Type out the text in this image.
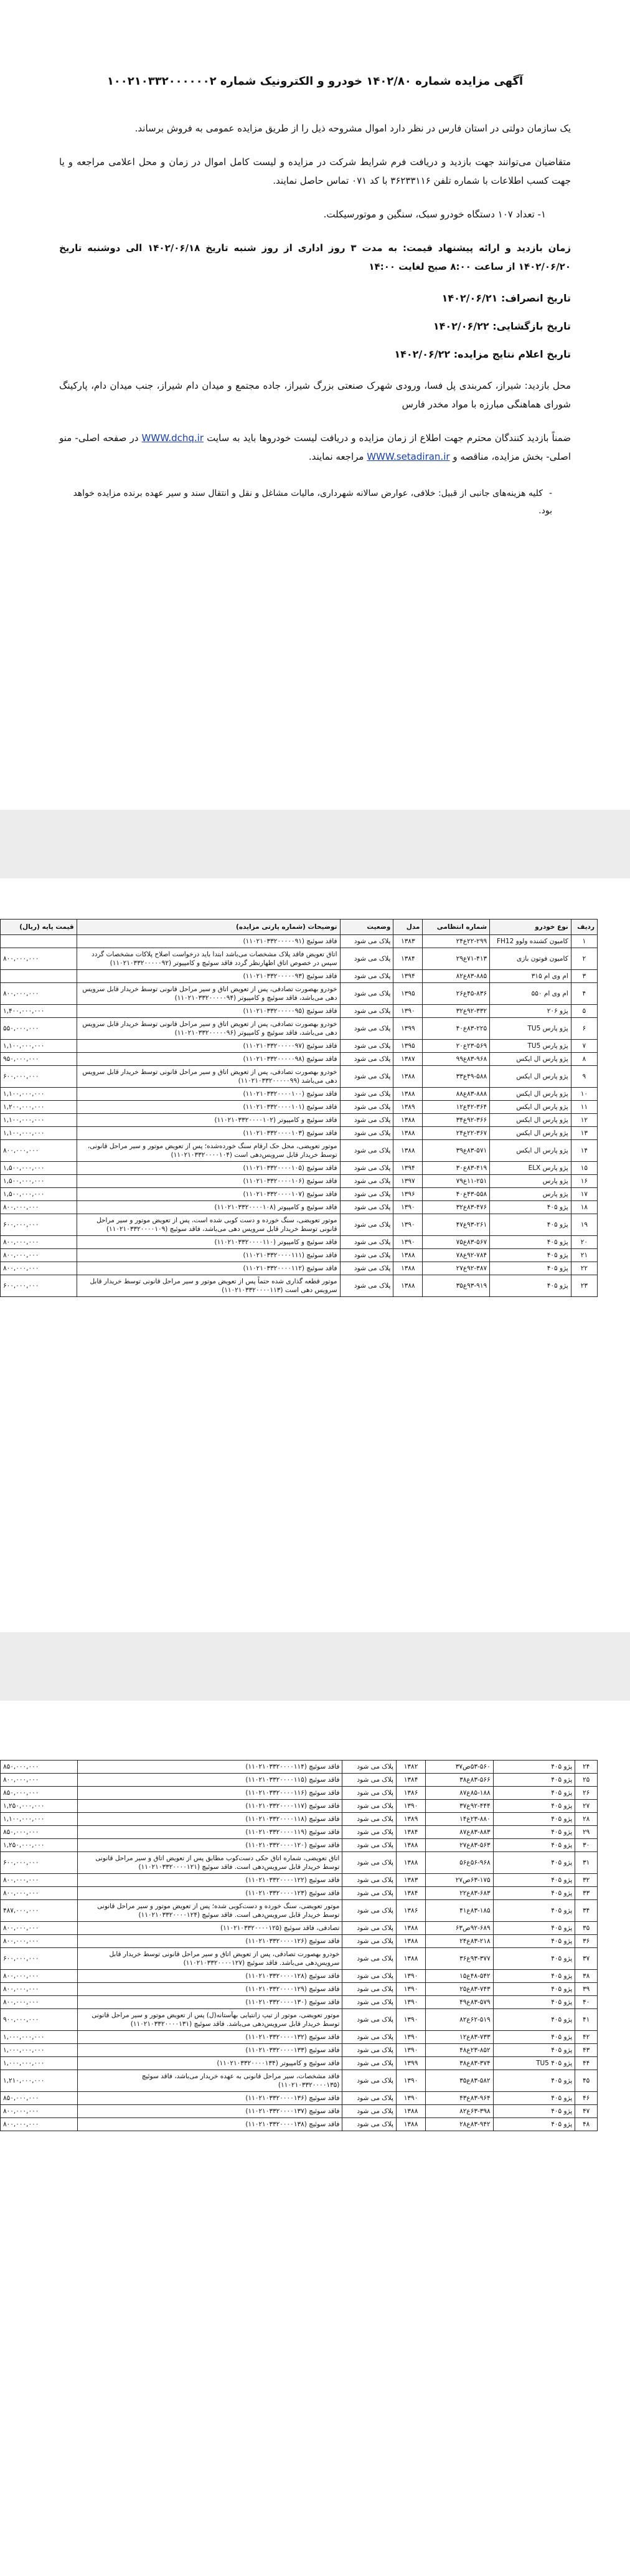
آگهی مزایده شماره ۱۴۰۲/۸۰ خودرو و الکترونیک شماره ۱۰۰۲۱۰۳۳۲۰۰۰۰۰۰۲

یک سازمان دولتی در استان فارس در نظر دارد اموال مشروحه ذیل را از طریق مزایده عمومی به فروش برساند.

متقاضیان می‌توانند جهت بازدید و دریافت فرم شرایط شرکت در مزایده و لیست کامل اموال در زمان و محل اعلامی مراجعه و یا جهت کسب اطلاعات با شماره تلفن ۳۶۲۳۳۱۱۶ با کد ۰۷۱ تماس حاصل نمایند.

۱- تعداد ۱۰۷ دستگاه خودرو سبک، سنگین و موتورسیکلت.

زمان بازدید و ارائه پیشنهاد قیمت: به مدت ۳ روز اداری از روز شنبه تاریخ ۱۴۰۲/۰۶/۱۸ الی دوشنبه تاریخ ۱۴۰۲/۰۶/۲۰ از ساعت ۸:۰۰ صبح لغایت ۱۴:۰۰

تاریخ انصراف: ۱۴۰۲/۰۶/۲۱

تاریخ بازگشایی: ۱۴۰۲/۰۶/۲۲

تاریخ اعلام نتایج مزایده: ۱۴۰۲/۰۶/۲۲

محل بازدید: شیراز، کمربندی پل فسا، ورودی شهرک صنعتی بزرگ شیراز، جاده مجتمع و میدان دام شیراز، جنب میدان دام، پارکینگ شورای هماهنگی مبارزه با مواد مخدر فارس

ضمناً بازدید کنندگان محترم جهت اطلاع از زمان مزایده و دریافت لیست خودروها باید به سایت WWW.dchq.ir در صفحه اصلی- منو اصلی- بخش مزایده، مناقصه و WWW.setadiran.ir مراجعه نمایند.

-کلیه هزینه‌های جانبی از قبیل: خلافی، عوارض سالانه شهرداری، مالیات مشاغل و نقل و انتقال سند و سیر عهده برنده مزایده خواهد بود.

ردیف	نوع خودرو	شماره انتظامی	مدل	وضعیت	توضیحات (شماره پارتی مزایده)	قیمت پایه (ریال)
۱	کامیون کشنده ولوو FH12	۲۲-۲۹۹ع۲۴	۱۳۸۳	پلاک می شود	فاقد سوئیچ (۱۱۰۲۱۰۳۳۲۰۰۰۰۰۹۱)	
۲	کامیون فوتون بازی	۷۱-۴۱۳ع۲۹	۱۳۸۴	پلاک می شود	اتاق تعویض فاقد پلاک مشخصات می‌باشد ابتدا باید درخواست اصلاح پلاکات مشخصات گردد سپس در خصوص اتاق اظهارنظر گردد فاقد سوئیچ و کامپیوتر (۱۱۰۲۱۰۳۳۲۰۰۰۰۰۹۲)	۸۰۰,۰۰۰,۰۰۰
۳	ام وی ام ۳۱۵	۸۳-۸۸۵ع۸۲	۱۳۹۴	پلاک می شود	فاقد سوئیچ (۱۱۰۲۱۰۳۳۲۰۰۰۰۰۹۳)	
۴	ام وی ام ۵۵۰	۴۵-۸۳۶ع۲۶	۱۳۹۵	پلاک می شود	خودرو بهصورت تصادفی، پس از تعویض اتاق و سیر مراحل قانونی توسط خریدار قابل سرویس دهی می‌باشد، فاقد سوئیچ و کامپیوتر (۱۱۰۲۱۰۳۳۲۰۰۰۰۰۹۴)	۸۰۰,۰۰۰,۰۰۰
۵	پژو ۲۰۶	۹۲-۳۳۲ع۳۲	۱۳۹۰	پلاک می شود	فاقد سوئیچ (۱۱۰۲۱۰۳۳۲۰۰۰۰۰۹۵)	۱,۴۰۰,۰۰۰,۰۰۰
۶	پژو پارس TU5	۸۳-۲۲۵ع۴۰	۱۳۹۹	پلاک می شود	خودرو بهصورت تصادفی، پس از تعویض اتاق و سیر مراحل قانونی توسط خریدار قابل سرویس دهی می‌باشد، فاقد سوئیچ و کامپیوتر (۱۱۰۲۱۰۳۳۲۰۰۰۰۰۹۶)	۵۵۰,۰۰۰,۰۰۰
۷	پژو پارس TU5	۲۳-۵۶۹ع۲۰	۱۳۹۵	پلاک می شود	فاقد سوئیچ (۱۱۰۲۱۰۳۳۲۰۰۰۰۰۹۷)	۱,۱۰۰,۰۰۰,۰۰۰
۸	پژو پارس ال ایکس	۸۳-۹۶۸ع۹۹	۱۳۸۷	پلاک می شود	فاقد سوئیچ (۱۱۰۲۱۰۳۳۲۰۰۰۰۰۹۸)	۹۵۰,۰۰۰,۰۰۰
۹	پژو پارس ال ایکس	۴۹-۵۸۸ع۳۳	۱۳۸۸	پلاک می شود	خودرو بهصورت تصادفی، پس از تعویض اتاق و سیر مراحل قانونی توسط خریدار قابل سرویس دهی می‌باشد (۱۱۰۲۱۰۳۳۲۰۰۰۰۰۹۹)	۶۰۰,۰۰۰,۰۰۰
۱۰	پژو پارس ال ایکس	۸۳-۸۸۸ع۸۸	۱۳۸۸	پلاک می شود	فاقد سوئیچ (۱۱۰۲۱۰۳۳۲۰۰۰۰۱۰۰)	۱,۱۰۰,۰۰۰,۰۰۰
۱۱	پژو پارس ال ایکس	۴۲-۳۶۴ع۱۲	۱۳۸۹	پلاک می شود	فاقد سوئیچ (۱۱۰۲۱۰۳۳۲۰۰۰۰۱۰۱)	۱,۲۰۰,۰۰۰,۰۰۰
۱۲	پژو پارس ال ایکس	۹۲-۳۶۶ع۳۴	۱۳۸۸	پلاک می شود	فاقد سوئیچ و کامپیوتر (۱۱۰۲۱۰۳۳۲۰۰۰۰۱۰۲)	۱,۱۰۰,۰۰۰,۰۰۰
۱۳	پژو پارس ال ایکس	۲۲-۳۶۷ع۲۴	۱۳۸۸	پلاک می شود	فاقد سوئیچ (۱۱۰۲۱۰۳۳۲۰۰۰۰۱۰۳)	۱,۱۰۰,۰۰۰,۰۰۰
۱۴	پژو پارس ال ایکس	۸۳-۵۷۱ع۳۹	۱۳۸۸	پلاک می شود	موتور تعویضی، محل حک ارقام سنگ خورده‌شده؛ پس از تعویض موتور و سیر مراحل قانونی، توسط خریدار قابل سرویس‌دهی است (۱۱۰۲۱۰۳۳۲۰۰۰۰۱۰۴)	۸۰۰,۰۰۰,۰۰۰
۱۵	پژو پارس ELX	۸۳-۴۱۹ع۳۰	۱۳۹۴	پلاک می شود	فاقد سوئیچ (۱۱۰۲۱۰۳۳۲۰۰۰۰۱۰۵)	۱,۵۰۰,۰۰۰,۰۰۰
۱۶	پژو پارس	۱۱-۲۵۱ع۷۹	۱۳۹۷	پلاک می شود	فاقد سوئیچ (۱۱۰۲۱۰۳۳۲۰۰۰۰۱۰۶)	۱,۵۰۰,۰۰۰,۰۰۰
۱۷	پژو پارس	۴۳-۵۵۸ع۴۰	۱۳۹۶	پلاک می شود	فاقد سوئیچ (۱۱۰۲۱۰۳۳۲۰۰۰۰۱۰۷)	۱,۵۰۰,۰۰۰,۰۰۰
۱۸	پژو ۴۰۵	۸۳-۴۷۶ع۳۲	۱۳۹۰	پلاک می شود	فاقد سوئیچ و کامپیوتر (۱۱۰۲۱۰۳۳۲۰۰۰۰۱۰۸)	۸۰۰,۰۰۰,۰۰۰
۱۹	پژو ۴۰۵	۹۳-۲۶۱ع۴۷	۱۳۹۰	پلاک می شود	موتور تعویضی، سنگ خورده و دست کوبی شده است، پس از تعویض موتور و سیر مراحل قانونی توسط خریدار قابل سرویس دهی می‌باشد، فاقد سوئیچ (۱۱۰۲۱۰۳۳۲۰۰۰۰۱۰۹)	۶۰۰,۰۰۰,۰۰۰
۲۰	پژو ۴۰۵	۸۳-۵۶۷ع۷۵	۱۳۹۰	پلاک می شود	فاقد سوئیچ و کامپیوتر (۱۱۰۲۱۰۳۳۲۰۰۰۰۱۱۰)	۸۰۰,۰۰۰,۰۰۰
۲۱	پژو ۴۰۵	۹۲-۷۸۴ع۷۸	۱۳۸۸	پلاک می شود	فاقد سوئیچ (۱۱۰۲۱۰۳۳۲۰۰۰۰۱۱۱)	۸۰۰,۰۰۰,۰۰۰
۲۲	پژو ۴۰۵	۹۲-۳۸۷ع۲۷	۱۳۸۸	پلاک می شود	فاقد سوئیچ (۱۱۰۲۱۰۳۳۲۰۰۰۰۱۱۲)	۸۰۰,۰۰۰,۰۰۰
۲۳	پژو ۴۰۵	۹۳-۹۱۹ع۳۵	۱۳۸۸	پلاک می شود	موتور قطعه گذاری شده حتماً پس از تعویض موتور و سیر مراحل قانونی توسط خریدار قابل سرویس دهی است (۱۱۰۲۱۰۳۳۲۰۰۰۰۱۱۳)	۶۰۰,۰۰۰,۰۰۰
۲۴	پژو ۴۰۵	۵۳-۵۶۰ص۳۷	۱۳۸۲	پلاک می شود	فاقد سوئیچ (۱۱۰۲۱۰۳۳۲۰۰۰۰۱۱۴)	۸۵۰,۰۰۰,۰۰۰
۲۵	پژو ۴۰۵	۸۳-۵۶۶ع۳۸	۱۳۸۴	پلاک می شود	فاقد سوئیچ (۱۱۰۲۱۰۳۳۲۰۰۰۰۱۱۵)	۸۰۰,۰۰۰,۰۰۰
۲۶	پژو ۴۰۵	۸۵-۱۸۸ع۸۷	۱۳۸۶	پلاک می شود	فاقد سوئیچ (۱۱۰۲۱۰۳۳۲۰۰۰۰۱۱۶)	۸۵۰,۰۰۰,۰۰۰
۲۷	پژو ۴۰۵	۹۲-۴۴۴ع۳۷	۱۳۹۰	پلاک می شود	فاقد سوئیچ (۱۱۰۲۱۰۳۳۲۰۰۰۰۱۱۷)	۱,۲۵۰,۰۰۰,۰۰۰
۲۸	پژو ۴۰۵	۲۳-۸۸۰ع۱۴	۱۳۸۹	پلاک می شود	فاقد سوئیچ (۱۱۰۲۱۰۳۳۲۰۰۰۰۱۱۸)	۱,۱۰۰,۰۰۰,۰۰۰
۲۹	پژو ۴۰۵	۸۳-۸۸۳ع۸۷	۱۳۸۴	پلاک می شود	فاقد سوئیچ (۱۱۰۲۱۰۳۳۲۰۰۰۰۱۱۹)	۸۵۰,۰۰۰,۰۰۰
۳۰	پژو ۴۰۵	۸۳-۵۶۳ع۲۷	۱۳۸۸	پلاک می شود	فاقد سوئیچ (۱۱۰۲۱۰۳۳۲۰۰۰۰۱۲۰)	۱,۲۵۰,۰۰۰,۰۰۰
۳۱	پژو ۴۰۵	۵۶-۹۶۸ع۵۶	۱۳۸۸	پلاک می شود	اتاق تعویضی، شماره اتاق حکی دست‌کوب مطابق پس از تعویض اتاق و سیر مراحل قانونی توسط خریدار قابل سرویس‌دهی است. فاقد سوئیچ (۱۱۰۲۱۰۳۳۲۰۰۰۰۱۲۱)	۶۰۰,۰۰۰,۰۰۰
۳۲	پژو ۴۰۵	۶۳-۱۷۵ص۲۷	۱۳۸۳	پلاک می شود	فاقد سوئیچ (۱۱۰۲۱۰۳۳۲۰۰۰۰۱۲۲)	۸۰۰,۰۰۰,۰۰۰
۳۳	پژو ۴۰۵	۸۳-۶۸۳ع۲۲	۱۳۸۴	پلاک می شود	فاقد سوئیچ (۱۱۰۲۱۰۳۳۲۰۰۰۰۱۲۳)	۸۰۰,۰۰۰,۰۰۰
۳۴	پژو ۴۰۵	۸۳-۱۸۵ع۴۱	۱۳۸۶	پلاک می شود	موتور تعویضی، سنگ خورده و دست‌کوبی شده؛ پس از تعویض موتور و سیر مراحل قانونی توسط خریدار قابل سرویس‌دهی است. فاقد سوئیچ (۱۱۰۲۱۰۳۳۲۰۰۰۰۱۲۴)	۴۸۷,۰۰۰,۰۰۰
۳۵	پژو ۴۰۵	۹۲-۶۸۹ص۶۳	۱۳۸۸	پلاک می شود	تصادفی، فاقد سوئیچ (۱۱۰۲۱۰۳۳۲۰۰۰۰۱۲۵)	۸۰۰,۰۰۰,۰۰۰
۳۶	پژو ۴۰۵	۸۳-۲۱۸ع۲۴	۱۳۸۸	پلاک می شود	فاقد سوئیچ (۱۱۰۲۱۰۳۳۲۰۰۰۰۱۲۶)	۸۰۰,۰۰۰,۰۰۰
۳۷	پژو ۴۰۵	۹۳-۳۷۷ع۳۶	۱۳۸۸	پلاک می شود	خودرو بهصورت تصادفی، پس از تعویض اتاق و سیر مراحل قانونی توسط خریدار قابل سرویس‌دهی می‌باشد. فاقد سوئیچ (۱۱۰۲۱۰۳۳۲۰۰۰۰۱۲۷)	۶۰۰,۰۰۰,۰۰۰
۳۸	پژو ۴۰۵	۴۸-۵۴۲ع۱۵	۱۳۹۰	پلاک می شود	فاقد سوئیچ (۱۱۰۲۱۰۳۳۲۰۰۰۰۱۲۸)	۸۰۰,۰۰۰,۰۰۰
۳۹	پژو ۴۰۵	۸۳-۷۴۳ع۲۵	۱۳۹۰	پلاک می شود	فاقد سوئیچ (۱۱۰۲۱۰۳۳۲۰۰۰۰۱۲۹)	۸۰۰,۰۰۰,۰۰۰
۴۰	پژو ۴۰۵	۸۳-۵۷۹ع۴۹	۱۳۹۰	پلاک می شود	فاقد سوئیچ (۱۱۰۲۱۰۳۳۲۰۰۰۰۱۳۰)	۸۰۰,۰۰۰,۰۰۰
۴۱	پژو ۴۰۵	۶۲-۵۱۹ع۸۲	۱۳۹۰	پلاک می شود	موتور تعویضی، موتور از تیپ زانتیایی بهآستانه(ل) پس از تعویض موتور و سیر مراحل قانونی توسط خریدار قابل سرویس‌دهی می‌باشد. فاقد سوئیچ (۱۱۰۲۱۰۳۳۲۰۰۰۰۱۳۱)	۹۰۰,۰۰۰,۰۰۰
۴۲	پژو ۴۰۵	۸۳-۷۳۳ع۱۲	۱۳۹۰	پلاک می شود	فاقد سوئیچ (۱۱۰۲۱۰۳۳۲۰۰۰۰۱۳۲)	۱,۰۰۰,۰۰۰,۰۰۰
۴۳	پژو ۴۰۵	۲۳-۸۵۲ع۴۸	۱۳۹۰	پلاک می شود	فاقد سوئیچ (۱۱۰۲۱۰۳۳۲۰۰۰۰۱۳۳)	۱,۰۰۰,۰۰۰,۰۰۰
۴۴	پژو ۴۰۵ TU5	۸۳-۳۷۴ع۳۸	۱۳۹۹	پلاک می شود	فاقد سوئیچ و کامپیوتر (۱۱۰۲۱۰۳۳۲۰۰۰۰۱۳۴)	۱,۰۰۰,۰۰۰,۰۰۰
۴۵	پژو ۴۰۵	۸۳-۵۸۲ع۳۵	۱۳۹۰	پلاک می شود	فاقد مشخصات، سیر مراحل قانونی به عهده خریدار می‌باشد، فاقد سوئیچ (۱۱۰۲۱۰۳۳۲۰۰۰۰۱۳۵)	۱,۲۱۰,۰۰۰,۰۰۰
۴۶	پژو ۴۰۵	۸۳-۹۶۴ع۴۳	۱۳۹۰	پلاک می شود	فاقد سوئیچ (۱۱۰۲۱۰۳۳۲۰۰۰۰۱۳۶)	۸۵۰,۰۰۰,۰۰۰
۴۷	پژو ۴۰۵	۶۳-۳۹۸ع۸۲	۱۳۸۸	پلاک می شود	فاقد سوئیچ (۱۱۰۲۱۰۳۳۲۰۰۰۰۱۳۷)	۸۰۰,۰۰۰,۰۰۰
۴۸	پژو ۴۰۵	۸۳-۹۴۲ع۲۸	۱۳۸۸	پلاک می شود	فاقد سوئیچ (۱۱۰۲۱۰۳۳۲۰۰۰۰۱۳۸)	۸۰۰,۰۰۰,۰۰۰
